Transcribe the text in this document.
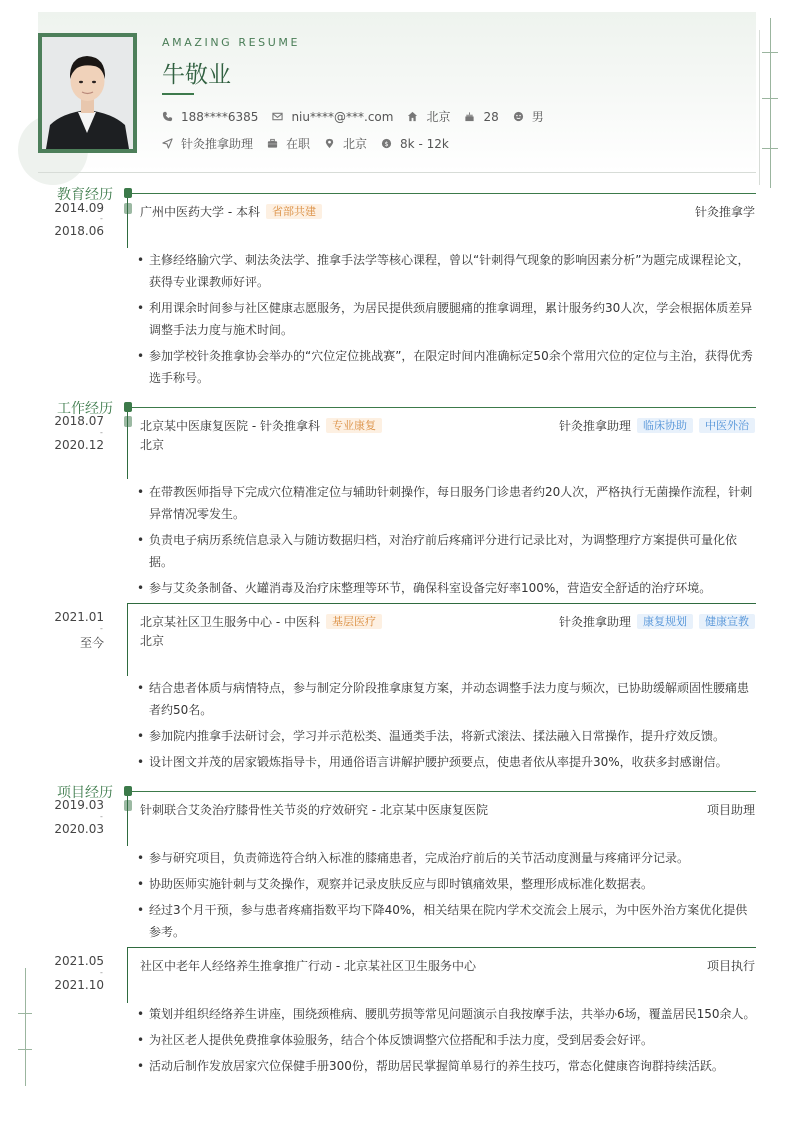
AMAZING RESUME
牛敬业
188****6385	niu****@***.com	北京	28	男
针灸推拿助理	在职	北京 $ 8k - 12k
教育经历
2014.09
-
2018.06
广州中医药大学 - 本科	省部共建	针灸推拿学
• 主修经络腧穴学、刺法灸法学、推拿手法学等核心课程，曾以“针刺得气现象的影响因素分析”为题完成课程论文，获得专业课教师好评。
• 利用课余时间参与社区健康志愿服务，为居民提供颈肩腰腿痛的推拿调理，累计服务约30人次，学会根据体质差异调整手法力度与施术时间。
• 参加学校针灸推拿协会举办的“穴位定位挑战赛”，在限定时间内准确标定50余个常用穴位的定位与主治，获得优秀选手称号。
工作经历
2018.07
-
2020.12
北京某中医康复医院 - 针灸推拿科	专业康复
北京
针灸推拿助理	临床协助	中医外治
• 在带教医师指导下完成穴位精准定位与辅助针刺操作，每日服务门诊患者约20人次，严格执行无菌操作流程，针刺异常情况零发生。
• 负责电子病历系统信息录入与随访数据归档，对治疗前后疼痛评分进行记录比对，为调整理疗方案提供可量化依据。
• 参与艾灸条制备、火罐消毒及治疗床整理等环节，确保科室设备完好率100%，营造安全舒适的治疗环境。
2021.01
-
至今
北京某社区卫生服务中心 - 中医科	基层医疗
北京
针灸推拿助理	康复规划	健康宣教
• 结合患者体质与病情特点，参与制定分阶段推拿康复方案，并动态调整手法力度与频次，已协助缓解顽固性腰痛患者约50名。
• 参加院内推拿手法研讨会，学习并示范松类、温通类手法，将新式滚法、揉法融入日常操作，提升疗效反馈。
• 设计图文并茂的居家锻炼指导卡，用通俗语言讲解护腰护颈要点，使患者依从率提升30%，收获多封感谢信。
项目经历
2019.03
-
2020.03
针刺联合艾灸治疗膝骨性关节炎的疗效研究 - 北京某中医康复医院	项目助理
• 参与研究项目，负责筛选符合纳入标准的膝痛患者，完成治疗前后的关节活动度测量与疼痛评分记录。
• 协助医师实施针刺与艾灸操作，观察并记录皮肤反应与即时镇痛效果，整理形成标准化数据表。
• 经过3个月干预，参与患者疼痛指数平均下降40%，相关结果在院内学术交流会上展示，为中医外治方案优化提供参考。
2021.05
-
2021.10
社区中老年人经络养生推拿推广行动 - 北京某社区卫生服务中心	项目执行
• 策划并组织经络养生讲座，围绕颈椎病、腰肌劳损等常见问题演示自我按摩手法，共举办6场，覆盖居民150余人。
• 为社区老人提供免费推拿体验服务，结合个体反馈调整穴位搭配和手法力度，受到居委会好评。
• 活动后制作发放居家穴位保健手册300份，帮助居民掌握简单易行的养生技巧，常态化健康咨询群持续活跃。
